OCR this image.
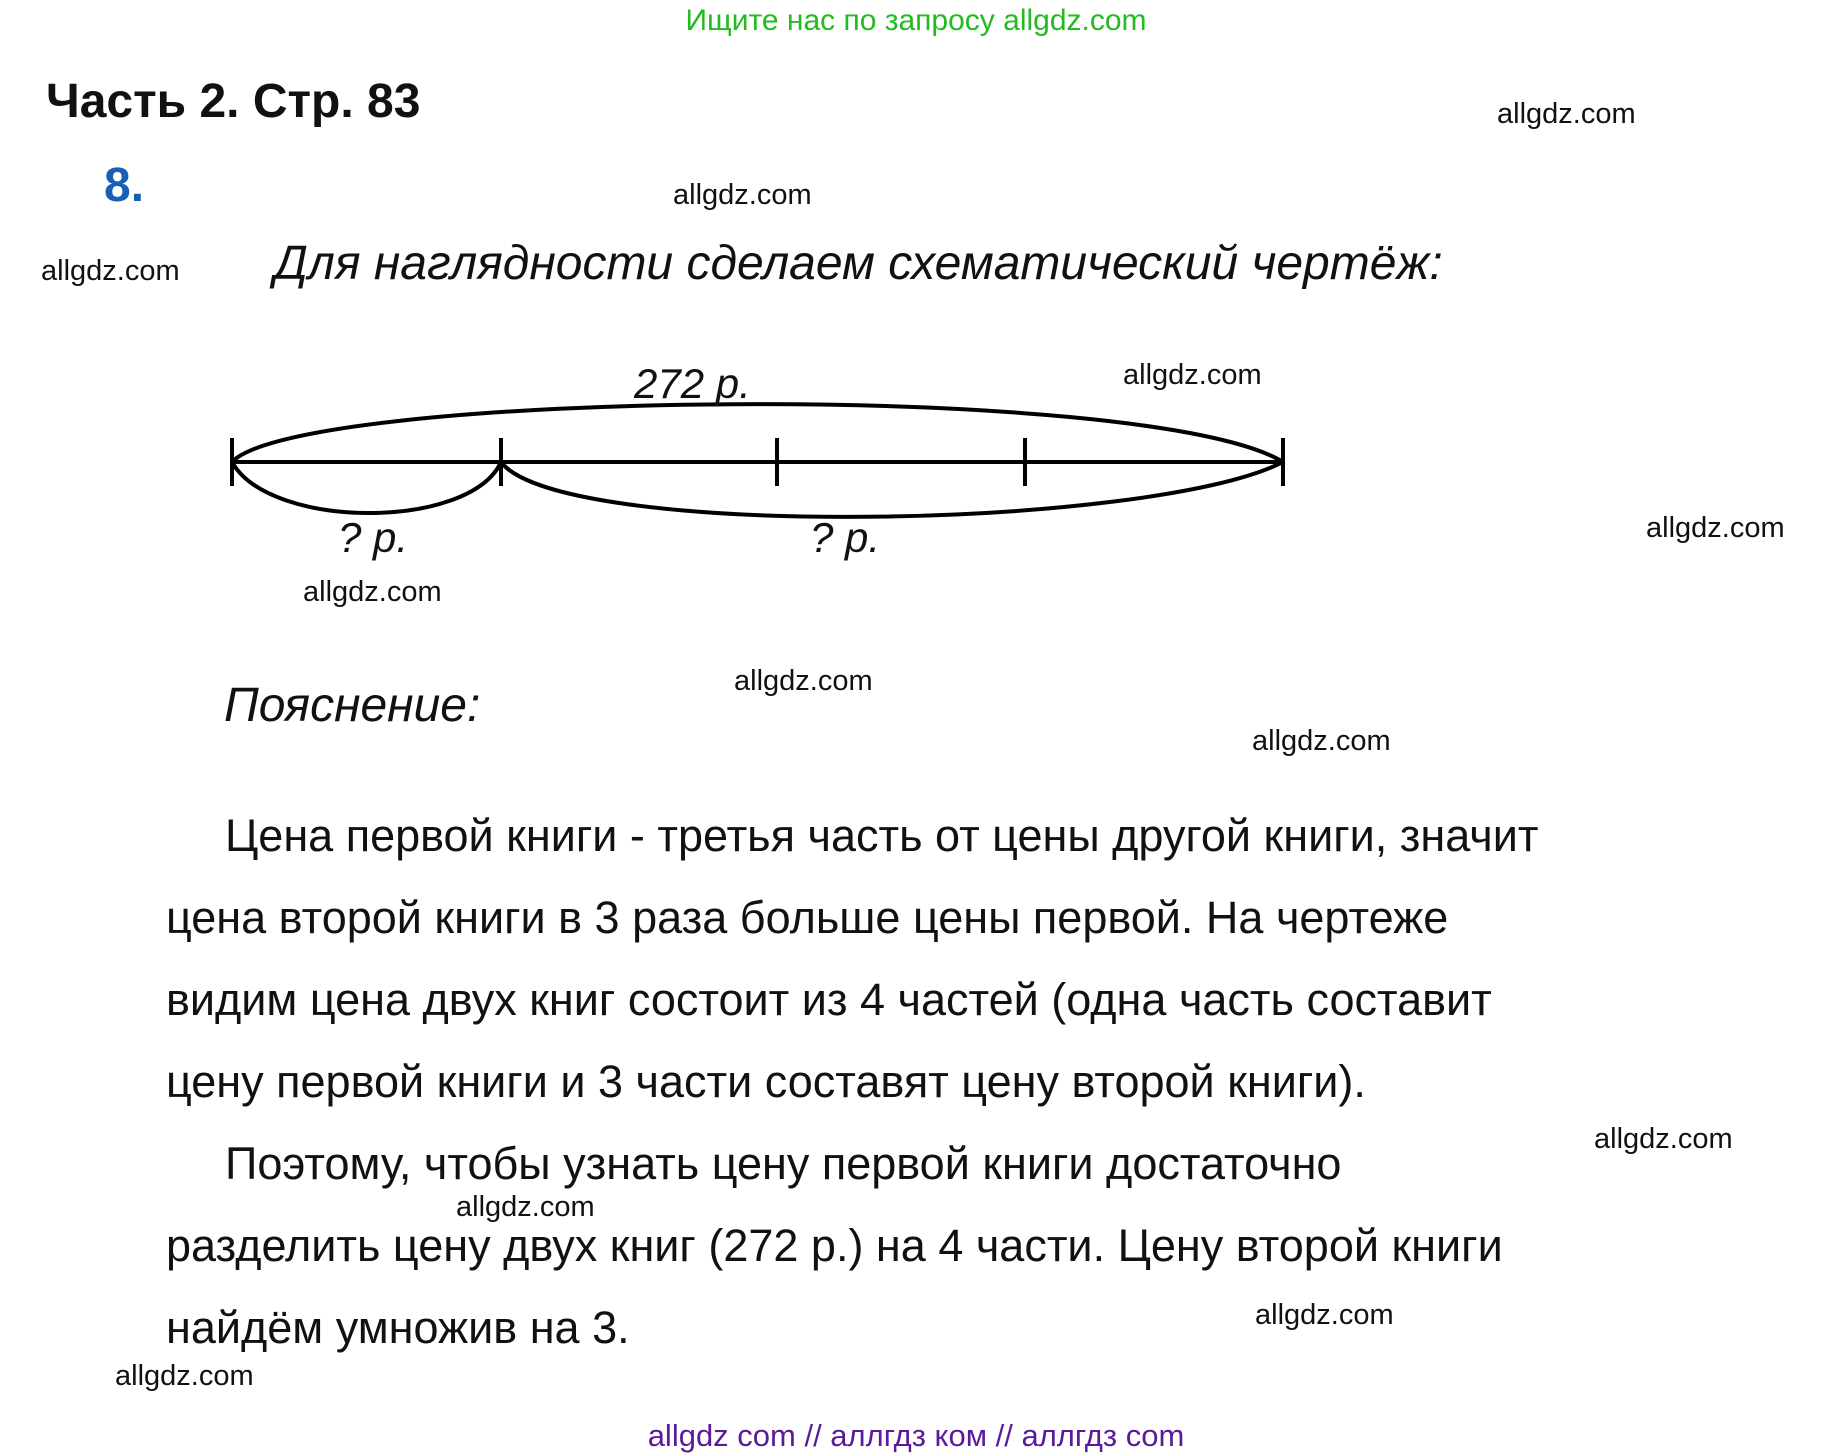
Ищите нас по запросу allgdz.com
Часть 2. Стр. 83
8.
Для наглядности сделаем схематический чертёж:
272 р.
? р.	? р.
Пояснение:
Цена первой книги - третья часть от цены другой книги, значит
цена второй книги в 3 раза больше цены первой. На чертеже
видим цена двух книг состоит из 4 частей (одна часть составит
цену первой книги и 3 части составят цену второй книги).
Поэтому, чтобы узнать цену первой книги достаточно
разделить цену двух книг (272 р.) на 4 части. Цену второй книги
найдём умножив на 3.
allgdz.com
allgdz.com
allgdz.com
allgdz.com
allgdz.com
allgdz.com
allgdz.com
allgdz.com
allgdz.com
allgdz.com
allgdz.com
allgdz.com
allgdz com // аллгдз ком // аллгдз com
